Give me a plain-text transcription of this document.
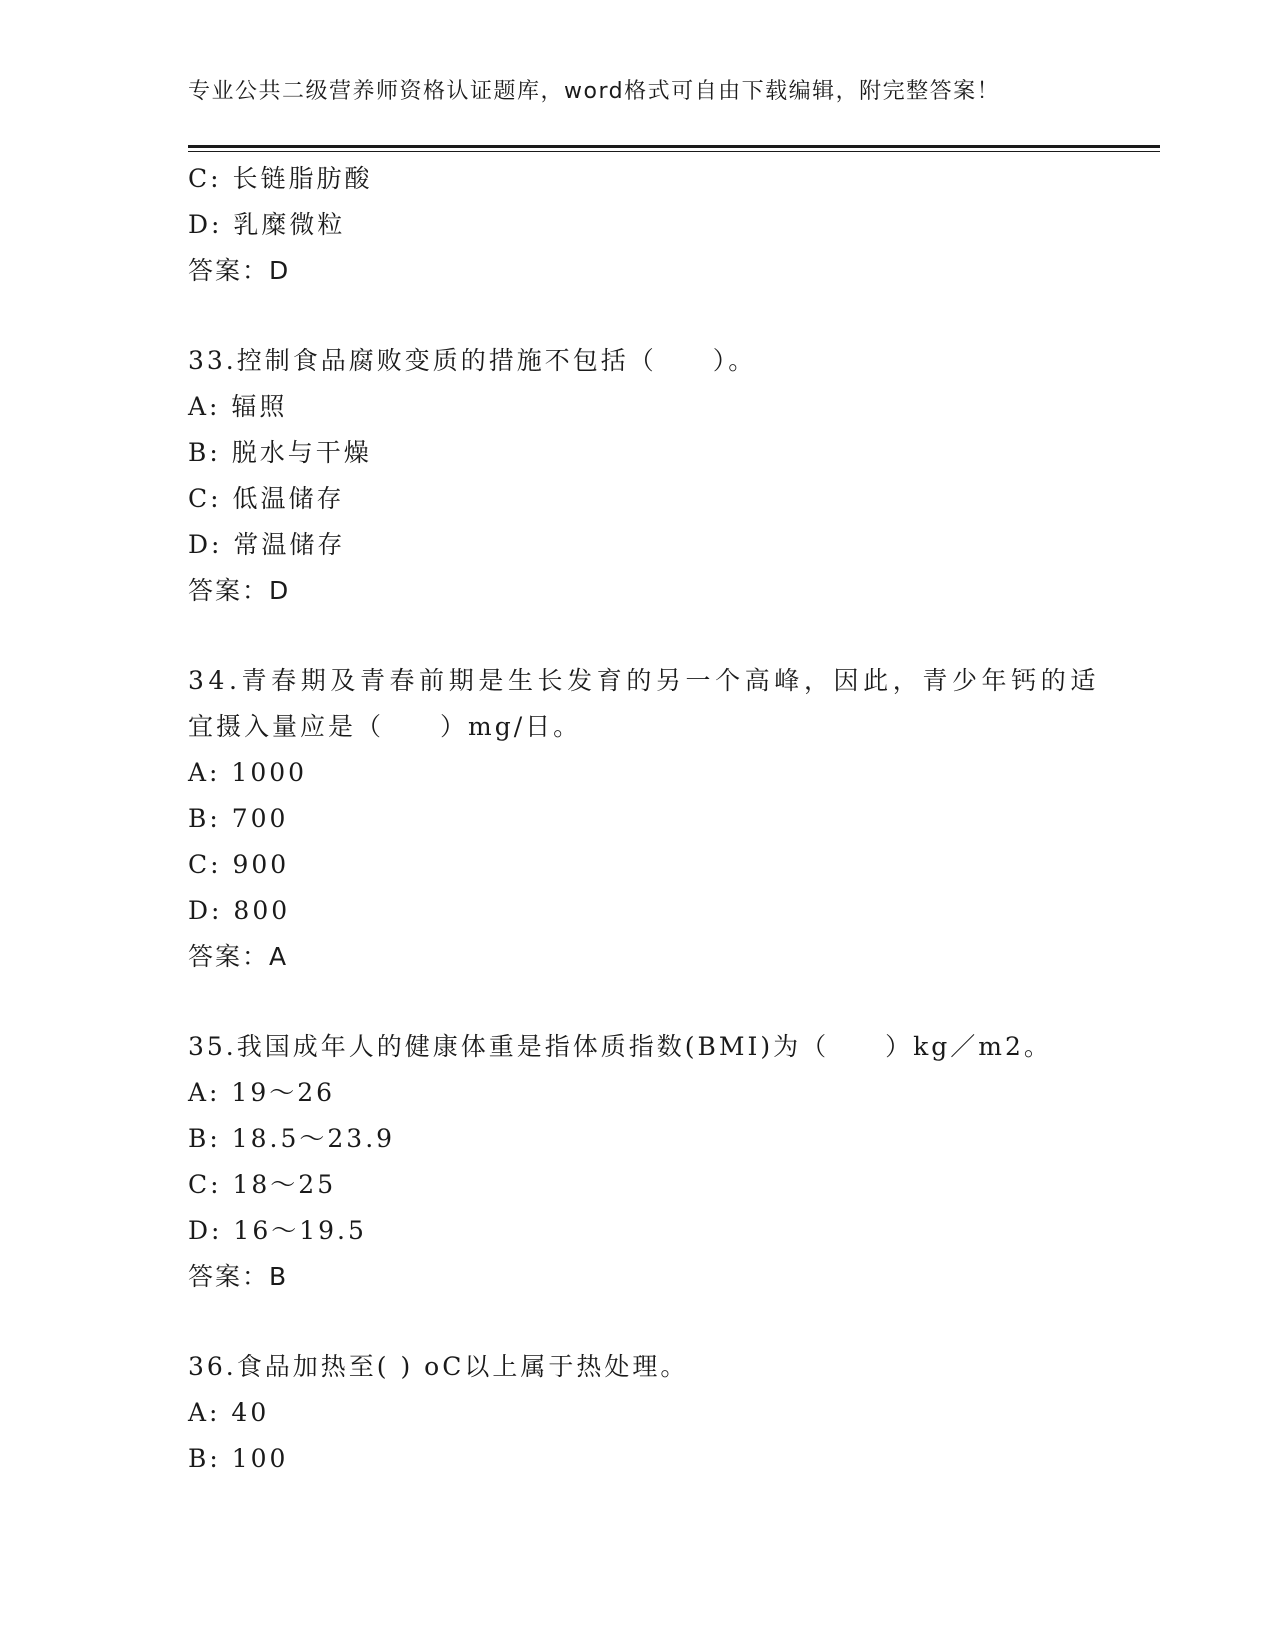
专业公共二级营养师资格认证题库，word格式可自由下载编辑，附完整答案！
C: 长链脂肪酸
D: 乳糜微粒
答案：D
33.控制食品腐败变质的措施不包括（　　）。
A: 辐照
B: 脱水与干燥
C: 低温储存
D: 常温储存
答案：D
34.青春期及青春前期是生长发育的另一个高峰，因此，青少年钙的适
宜摄入量应是（　　）mg/日。
A: 1000
B: 700
C: 900
D: 800
答案：A
35.我国成年人的健康体重是指体质指数(BMI)为（　　）kg／m2。
A: 19～26
B: 18.5～23.9
C: 18～25
D: 16～19.5
答案：B
36.食品加热至( ) oC以上属于热处理。
A: 40
B: 100
